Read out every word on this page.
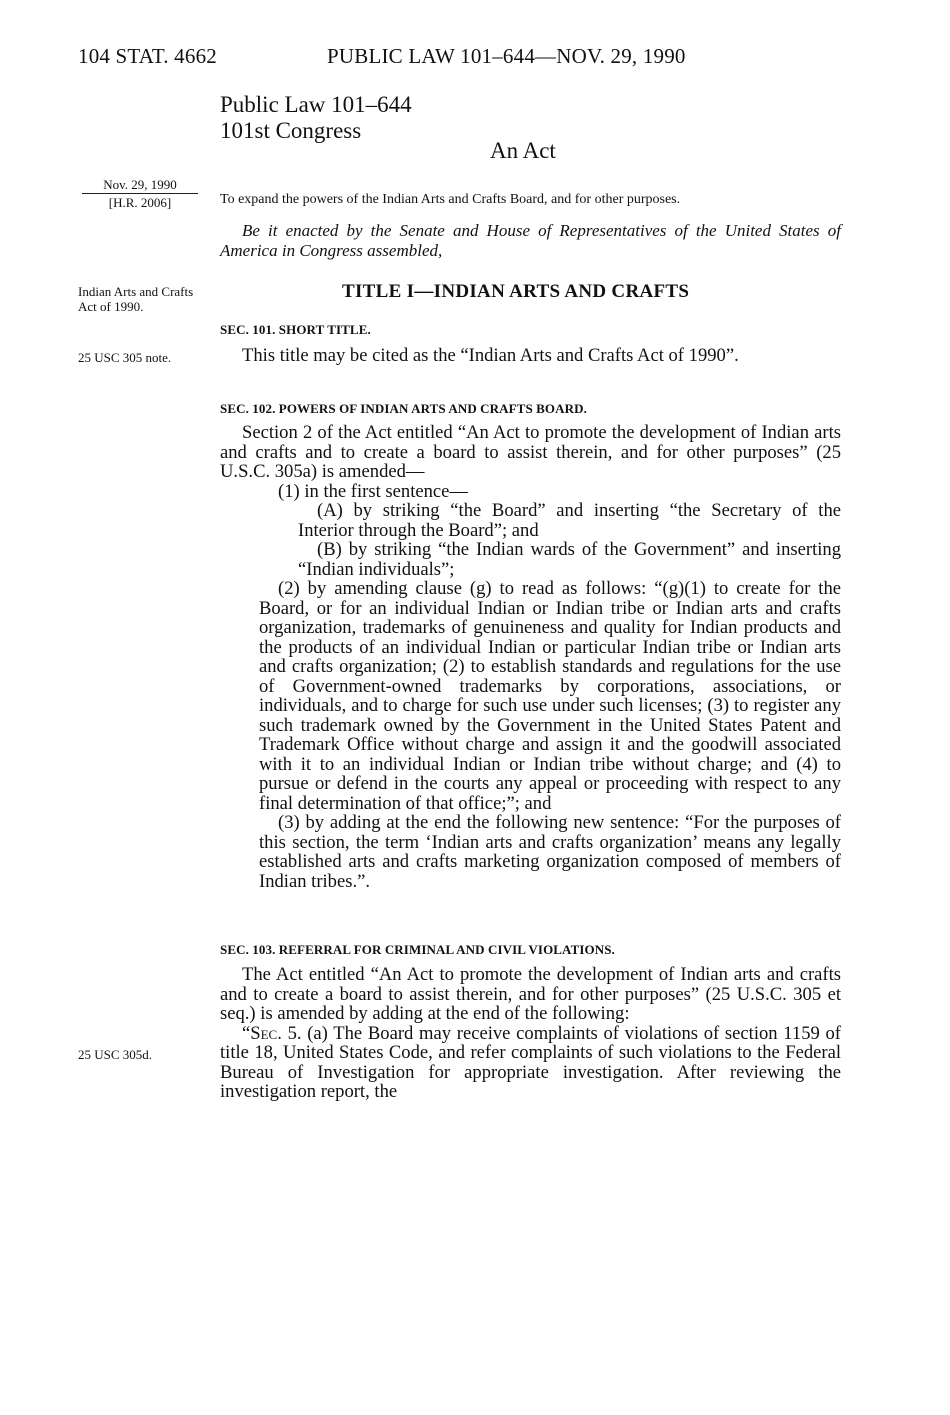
104 STAT. 4662	PUBLIC LAW 101–644—NOV. 29, 1990
Public Law 101–644
101st Congress
An Act
Nov. 29, 1990
[H.R. 2006]	To expand the powers of the Indian Arts and Crafts Board, and for other purposes.
Be it enacted by the Senate and House of Representatives of the United States of America in Congress assembled,
Indian Arts and Crafts Act of 1990.
TITLE I—INDIAN ARTS AND CRAFTS
SEC. 101. SHORT TITLE.
25 USC 305 note.	This title may be cited as the “Indian Arts and Crafts Act of 1990”.

SEC. 102. POWERS OF INDIAN ARTS AND CRAFTS BOARD.

Section 2 of the Act entitled “An Act to promote the development of Indian arts and crafts and to create a board to assist therein, and for other purposes” (25 U.S.C. 305a) is amended—

(1) in the first sentence—

(A) by striking “the Board” and inserting “the Secretary of the Interior through the Board”; and

(B) by striking “the Indian wards of the Government” and inserting “Indian individuals”;

(2) by amending clause (g) to read as follows: “(g)(1) to create for the Board, or for an individual Indian or Indian tribe or Indian arts and crafts organization, trademarks of genuineness and quality for Indian products and the products of an individual Indian or particular Indian tribe or Indian arts and crafts organization; (2) to establish standards and regulations for the use of Government-owned trademarks by corporations, associations, or individuals, and to charge for such use under such licenses; (3) to register any such trademark owned by the Government in the United States Patent and Trademark Office without charge and assign it and the goodwill associated with it to an individual Indian or Indian tribe without charge; and (4) to pursue or defend in the courts any appeal or proceeding with respect to any final determination of that office;”; and

(3) by adding at the end the following new sentence: “For the purposes of this section, the term ‘Indian arts and crafts organization’ means any legally established arts and crafts marketing organization composed of members of Indian tribes.”.

SEC. 103. REFERRAL FOR CRIMINAL AND CIVIL VIOLATIONS.

The Act entitled “An Act to promote the development of Indian arts and crafts and to create a board to assist therein, and for other purposes” (25 U.S.C. 305 et seq.) is amended by adding at the end of the following:

“Sec. 5. (a) The Board may receive complaints of violations of section 1159 of title 18, United States Code, and refer complaints of such violations to the Federal Bureau of Investigation for appropriate investigation. After reviewing the investigation report, the

25 USC 305d.
